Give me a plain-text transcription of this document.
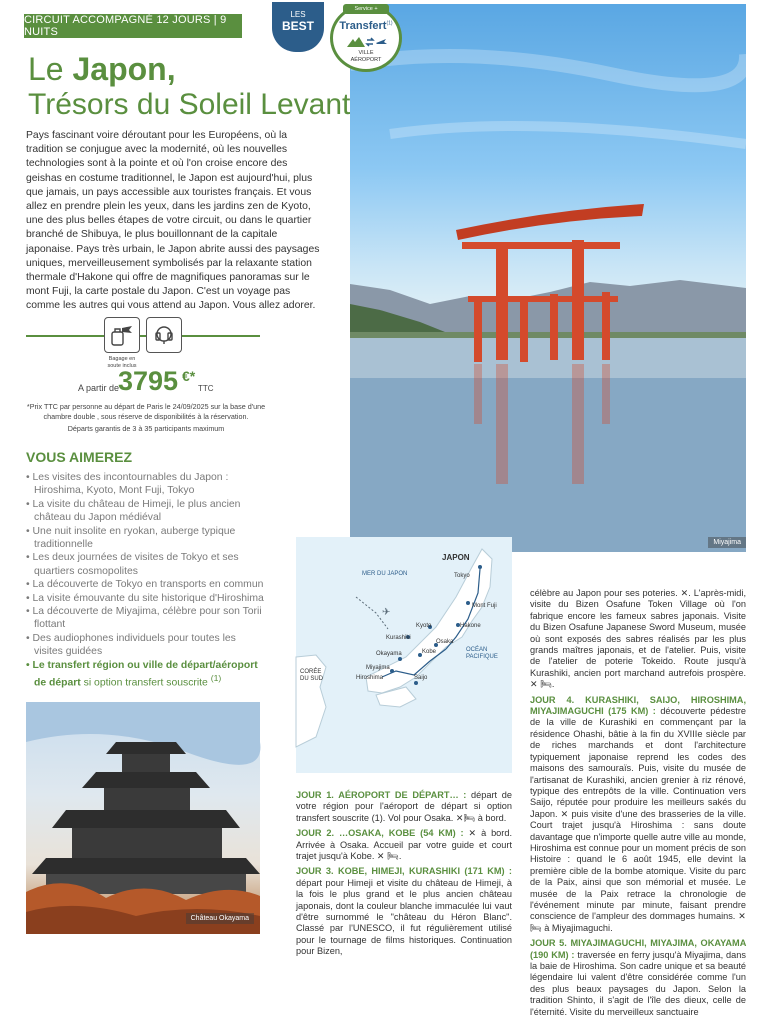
CIRCUIT ACCOMPAGNÉ 12 JOURS | 9 NUITS
LES
BEST
Le Japon,
Trésors du Soleil Levant

Pays fascinant voire déroutant pour les Européens, où la tradition se conjugue avec la modernité, où les nouvelles technologies sont à la pointe et où l'on croise encore des geishas en costume traditionnel, le Japon est aujourd'hui, plus que jamais, un pays accessible aux touristes français. Et vous allez en prendre plein les yeux, dans les jardins zen de Kyoto, une des plus belles étapes de votre circuit, ou dans le quartier branché de Shibuya, le plus bouillonnant de la capitale japonaise. Pays très urbain, le Japon abrite aussi des paysages uniques, merveilleusement symbolisés par la relaxante station thermale d'Hakone qui offre de magnifiques panoramas sur le mont Fuji, la carte postale du Japon. C'est un voyage pas comme les autres qui vous attend au Japon. Vous allez adorer.

Bagage en soute inclus
A partir de
3795 €*
TTC

*Prix TTC par personne au départ de Paris le 24/09/2025 sur la base d'une chambre double , sous réserve de disponibilités à la réservation.

Départs garantis de 3 à 35 participants maximum

VOUS AIMEREZ
• Les visites des incontournables du Japon : Hiroshima, Kyoto, Mont Fuji, Tokyo
• La visite du château de Himeji, le plus ancien château du Japon médiéval
• Une nuit insolite en ryokan, auberge typique traditionnelle
• Les deux journées de visites de Tokyo et ses quartiers cosmopolites
• La découverte de Tokyo en transports en commun
• La visite émouvante du site historique d'Hiroshima
• La découverte de Miyajima, célèbre pour son Torii flottant
• Des audiophones individuels pour toutes les visites guidées
• Le transfert région ou ville de départ/aéroport de départ si option transfert souscrite $^{(1)}$
Miyajima
Service +
Transfert$^{(1)}$
VILLE
AÉROPORT
JAPON
MER DU JAPON
CORÉE DU SUD
OCÉAN
PACIFIQUE
Tokyo
Mont Fuji
Hakone
Kyoto
Osaka
Kobe
Kurashiki
Okayama
Miyajima
Hiroshima	Saijo
✈
Château Okayama

JOUR 1. AÉROPORT DE DÉPART… : départ de votre région pour l'aéroport de départ si option transfert souscrite (1). Vol pour Osaka. ✕🛏 à bord.

JOUR 2. …OSAKA, KOBE (54 KM) : ✕ à bord. Arrivée à Osaka. Accueil par votre guide et court trajet jusqu'à Kobe. ✕ 🛏.

JOUR 3. KOBE, HIMEJI, KURASHIKI (171 KM) : départ pour Himeji et visite du château de Himeji, à la fois le plus grand et le plus ancien château japonais, dont la couleur blanche immaculée lui vaut d'être surnommé le "château du Héron Blanc". Classé par l'UNESCO, il fut régulièrement utilisé pour le tournage de films historiques. Continuation pour Bizen,

célèbre au Japon pour ses poteries. ✕. L'après-midi, visite du Bizen Osafune Token Village où l'on fabrique encore les fameux sabres japonais. Visite du Bizen Osafune Japanese Sword Museum, musée où sont exposés des sabres réalisés par les plus grands maîtres japonais, et de l'atelier. Puis, visite de l'atelier de poterie Tokeido. Route jusqu'à Kurashiki, ancien port marchand autrefois prospère. ✕ 🛏.

JOUR 4. KURASHIKI, SAIJO, HIROSHIMA, MIYAJIMAGUCHI (175 KM) : découverte pédestre de la ville de Kurashiki en commençant par la résidence Ohashi, bâtie à la fin du XVIIIe siècle par de riches marchands et dont l'architecture typiquement japonaise reprend les codes des maisons des samouraïs. Puis, visite du musée de l'artisanat de Kurashiki, ancien grenier à riz rénové, typique des entrepôts de la ville. Continuation vers Saijo, réputée pour produire les meilleurs sakés du Japon. ✕ puis visite d'une des brasseries de la ville. Court trajet jusqu'à Hiroshima : sans doute davantage que n'importe quelle autre ville au monde, Hiroshima est connue pour un moment précis de son Histoire : quand le 6 août 1945, elle devint la première cible de la bombe atomique. Visite du parc de la Paix, ainsi que son mémorial et musée. Le musée de la Paix retrace la chronologie de l'événement minute par minute, faisant prendre conscience de l'ampleur des dommages humains. ✕ 🛏 à Miyajimaguchi.

JOUR 5. MIYAJIMAGUCHI, MIYAJIMA, OKAYAMA (190 KM) : traversée en ferry jusqu'à Miyajima, dans la baie de Hiroshima. Son cadre unique et sa beauté légendaire lui valent d'être considérée comme l'un des plus beaux paysages du Japon. Selon la tradition Shinto, il s'agit de l'île des dieux, celle de l'éternité. Visite du merveilleux sanctuaire
